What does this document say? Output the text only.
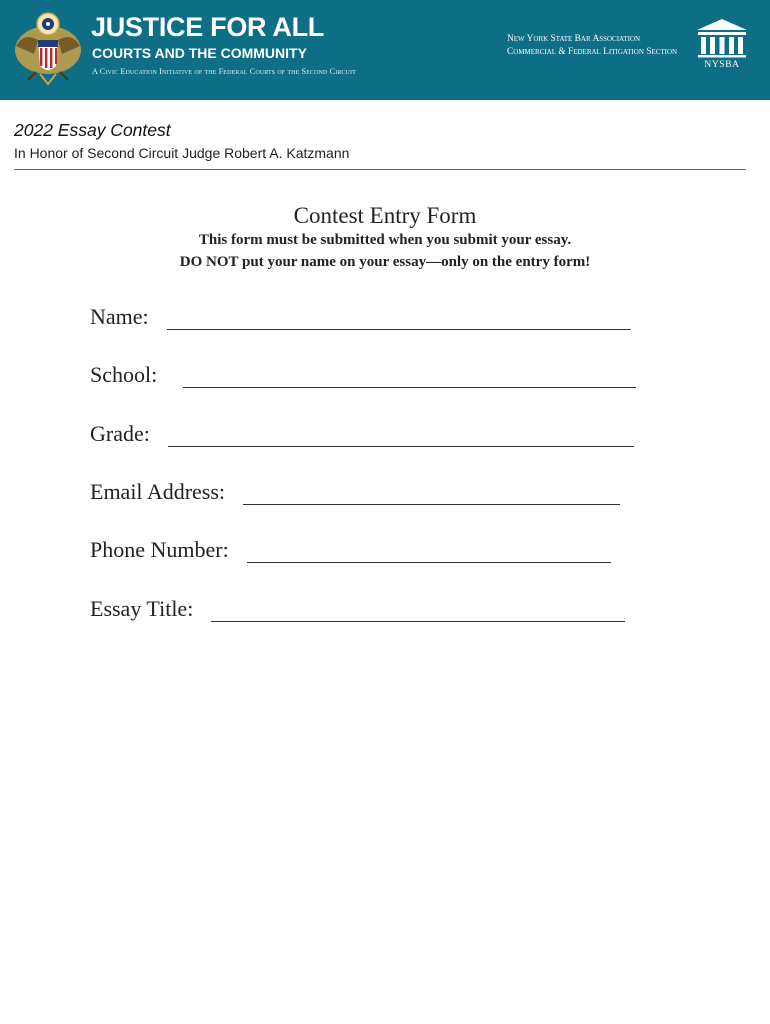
JUSTICE FOR ALL
COURTS AND THE COMMUNITY
A Civic Education Initiative of the Federal Courts of the Second Circuit
New York State Bar Association
Commercial & Federal Litigation Section
NYSBA
2022 Essay Contest
In Honor of Second Circuit Judge Robert A. Katzmann
Contest Entry Form
This form must be submitted when you submit your essay.
DO NOT put your name on your essay—only on the entry form!
Name:
School:
Grade:
Email Address:
Phone Number:
Essay Title:
